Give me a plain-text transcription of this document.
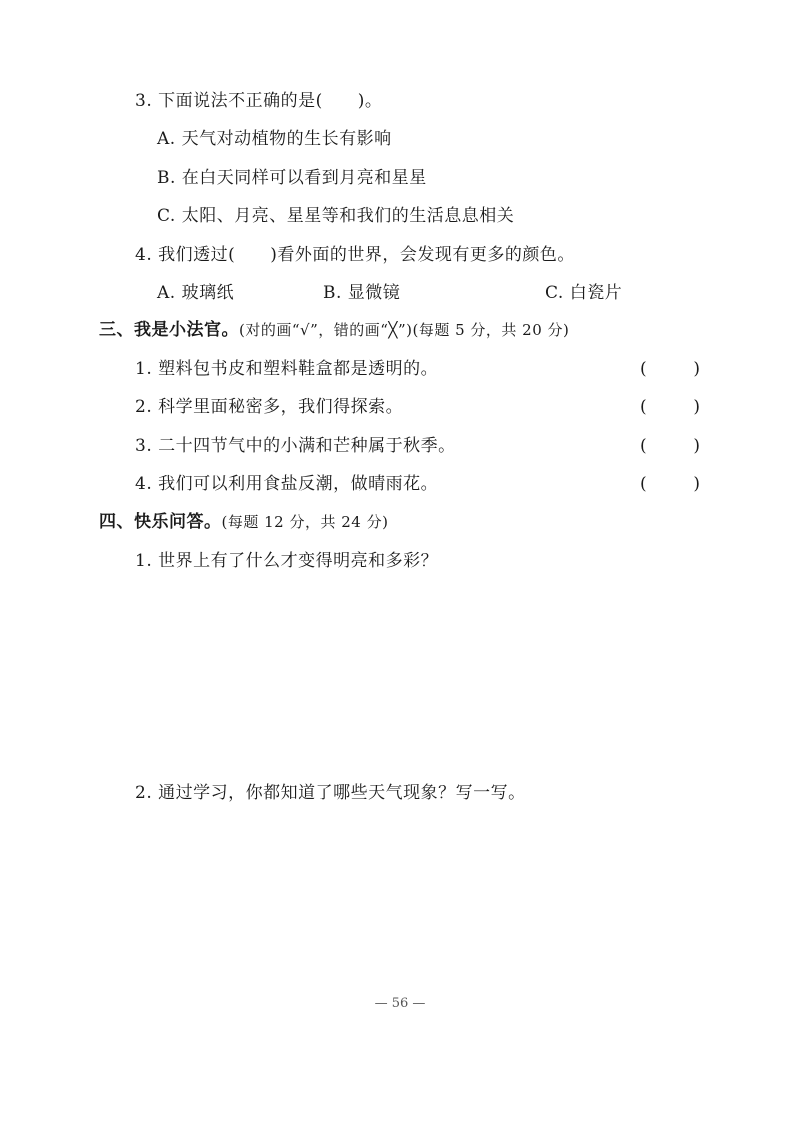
3. 下面说法不正确的是(　　)。
A. 天气对动植物的生长有影响
B. 在白天同样可以看到月亮和星星
C. 太阳、月亮、星星等和我们的生活息息相关
4. 我们透过(　　)看外面的世界，会发现有更多的颜色。
A. 玻璃纸	B. 显微镜	C. 白瓷片
三、我是小法官。(对的画“√”，错的画“╳”)(每题 5 分，共 20 分)
1. 塑料包书皮和塑料鞋盒都是透明的。	(	)
2. 科学里面秘密多，我们得探索。	(	)
3. 二十四节气中的小满和芒种属于秋季。	(	)
4. 我们可以利用食盐反潮，做晴雨花。	(	)
四、快乐问答。(每题 12 分，共 24 分)
1. 世界上有了什么才变得明亮和多彩？
2. 通过学习，你都知道了哪些天气现象？写一写。
— 56 —
